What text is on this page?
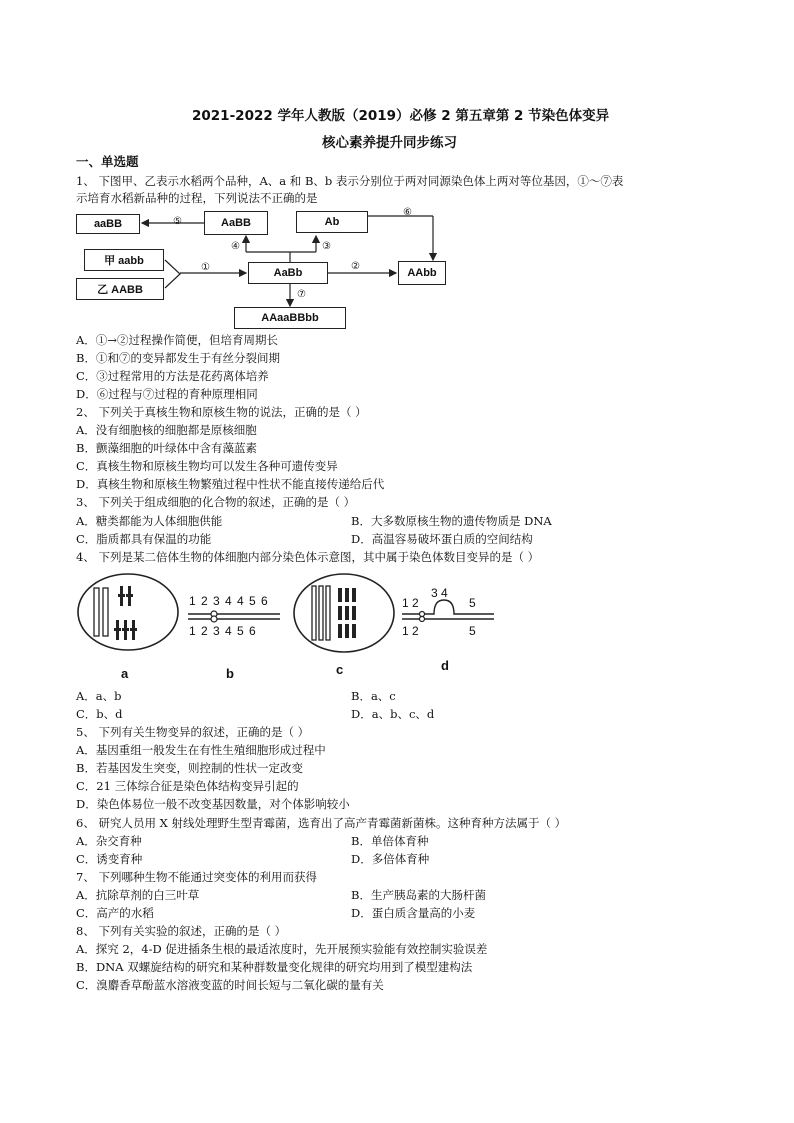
2021-2022 学年人教版（2019）必修 2 第五章第 2 节染色体变异
核心素养提升同步练习
一、单选题
1、 下图甲、乙表示水稻两个品种，A、a 和 B、b 表示分别位于两对同源染色体上两对等位基因，①～⑦表
示培育水稻新品种的过程，下列说法不正确的是
aaBB	AaBB	Ab
甲 aabb
乙 AABB
AaBb	AAbb
AAaaBBbb
⑤
⑥
①	②
④	③
⑦
A．①→②过程操作简便，但培育周期长
B．①和⑦的变异都发生于有丝分裂间期
C．③过程常用的方法是花药离体培养
D．⑥过程与⑦过程的育种原理相同
2、 下列关于真核生物和原核生物的说法，正确的是（ ）
A．没有细胞核的细胞都是原核细胞
B．颤藻细胞的叶绿体中含有藻蓝素
C．真核生物和原核生物均可以发生各种可遗传变异
D．真核生物和原核生物繁殖过程中性状不能直接传递给后代
3、 下列关于组成细胞的化合物的叙述，正确的是（ ）
A．糖类都能为人体细胞供能	B．大多数原核生物的遗传物质是 DNA
C．脂质都具有保温的功能	D．高温容易破坏蛋白质的空间结构
4、 下列是某二倍体生物的体细胞内部分染色体示意图，其中属于染色体数目变异的是（ ）
a
1 2 3 4 4 5 6
1 2 3 4 5 6
b	c
1 2
3 4
5
1 2	5
d
A．a、b	B．a、c
C．b、d	D．a、b、c、d
5、 下列有关生物变异的叙述，正确的是（ ）
A．基因重组一般发生在有性生殖细胞形成过程中
B．若基因发生突变，则控制的性状一定改变
C．21 三体综合征是染色体结构变异引起的
D．染色体易位一般不改变基因数量，对个体影响较小
6、 研究人员用 X 射线处理野生型青霉菌，选育出了高产青霉菌新菌株。这种育种方法属于（ ）
A．杂交育种	B．单倍体育种
C．诱变育种	D．多倍体育种
7、 下列哪种生物不能通过突变体的利用而获得
A．抗除草剂的白三叶草	B．生产胰岛素的大肠杆菌
C．高产的水稻	D．蛋白质含量高的小麦
8、 下列有关实验的叙述，正确的是（ ）
A．探究 2，4-D 促进插条生根的最适浓度时，先开展预实验能有效控制实验误差
B．DNA 双螺旋结构的研究和某种群数量变化规律的研究均用到了模型建构法
C．溴麝香草酚蓝水溶液变蓝的时间长短与二氧化碳的量有关
